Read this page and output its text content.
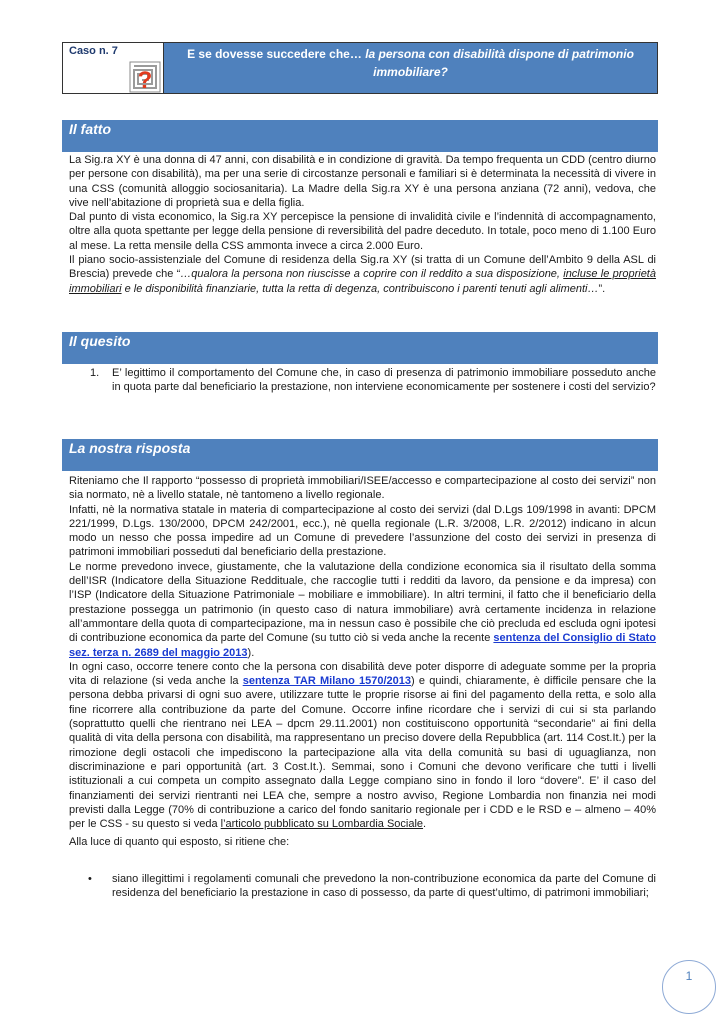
Caso n. 7
?
E se dovesse succedere che… la persona con disabilità dispone di patrimonio immobiliare?
Il fatto

La Sig.ra XY è una donna di 47 anni, con disabilità e in condizione di gravità. Da tempo frequenta un CDD (centro diurno per persone con disabilità), ma per una serie di circostanze personali e familiari si è determinata la necessità di vivere in una CSS (comunità alloggio sociosanitaria). La Madre della Sig.ra XY è una persona anziana (72 anni), vedova, che vive nell’abitazione di proprietà sua e della figlia.

Dal punto di vista economico, la Sig.ra XY percepisce la pensione di invalidità civile e l’indennità di accompagnamento, oltre alla quota spettante per legge della pensione di reversibilità del padre deceduto. In totale, poco meno di 1.100 Euro al mese. La retta mensile della CSS ammonta invece a circa 2.000 Euro.

Il piano socio-assistenziale del Comune di residenza della Sig.ra XY (si tratta di un Comune dell’Ambito 9 della ASL di Brescia) prevede che “…qualora la persona non riuscisse a coprire con il reddito a sua disposizione, incluse le proprietà immobiliari e le disponibilità finanziarie, tutta la retta di degenza, contribuiscono i parenti tenuti agli alimenti…”.

Il quesito
1. E’ legittimo il comportamento del Comune che, in caso di presenza di patrimonio immobiliare posseduto anche in quota parte dal beneficiario la prestazione, non interviene economicamente per sostenere i costi del servizio?
La nostra risposta

Riteniamo che Il rapporto “possesso di proprietà immobiliari/ISEE/accesso e compartecipazione al costo dei servizi” non sia normato, nè a livello statale, nè tantomeno a livello regionale.

Infatti, nè la normativa statale in materia di compartecipazione al costo dei servizi (dal D.Lgs 109/1998 in avanti: DPCM 221/1999, D.Lgs. 130/2000, DPCM 242/2001, ecc.), nè quella regionale (L.R. 3/2008, L.R. 2/2012) indicano in alcun modo un nesso che possa impedire ad un Comune di prevedere l’assunzione del costo dei servizi in presenza di patrimoni immobiliari posseduti dal beneficiario della prestazione.

Le norme prevedono invece, giustamente, che la valutazione della condizione economica sia il risultato della somma dell’ISR (Indicatore della Situazione Reddituale, che raccoglie tutti i redditi da lavoro, da pensione e da impresa) con l’ISP (Indicatore della Situazione Patrimoniale – mobiliare e immobiliare). In altri termini, il fatto che il beneficiario della prestazione possegga un patrimonio (in questo caso di natura immobiliare) avrà certamente incidenza in relazione all’ammontare della quota di compartecipazione, ma in nessun caso è possibile che ciò precluda ed escluda ogni ipotesi di contribuzione economica da parte del Comune (su tutto ciò si veda anche la recente sentenza del Consiglio di Stato sez. terza n. 2689 del maggio 2013).

In ogni caso, occorre tenere conto che la persona con disabilità deve poter disporre di adeguate somme per la propria vita di relazione (si veda anche la sentenza TAR Milano 1570/2013) e quindi, chiaramente, è difficile pensare che la persona debba privarsi di ogni suo avere, utilizzare tutte le proprie risorse ai fini del pagamento della retta, e solo alla fine ricorrere alla contribuzione da parte del Comune. Occorre infine ricordare che i servizi di cui si sta parlando (soprattutto quelli che rientrano nei LEA – dpcm 29.11.2001) non costituiscono opportunità “secondarie” ai fini della qualità di vita della persona con disabilità, ma rappresentano un preciso dovere della Repubblica (art. 114 Cost.It.) per la rimozione degli ostacoli che impediscono la partecipazione alla vita della comunità su basi di uguaglianza, non discriminazione e pari opportunità (art. 3 Cost.It.). Semmai, sono i Comuni che devono verificare che tutti i livelli istituzionali a cui competa un compito assegnato dalla Legge compiano sino in fondo il loro “dovere”. E’ il caso del finanziamenti dei servizi rientranti nei LEA che, sempre a nostro avviso, Regione Lombardia non finanzia nei modi previsti dalla Legge (70% di contribuzione a carico del fondo sanitario regionale per i CDD e le RSD e – almeno – 40% per le CSS - su questo si veda l’articolo pubblicato su Lombardia Sociale.

Alla luce di quanto qui esposto, si ritiene che:

• siano illegittimi i regolamenti comunali che prevedono la non-contribuzione economica da parte del Comune di residenza del beneficiario la prestazione in caso di possesso, da parte di quest’ultimo, di patrimoni immobiliari;
1
